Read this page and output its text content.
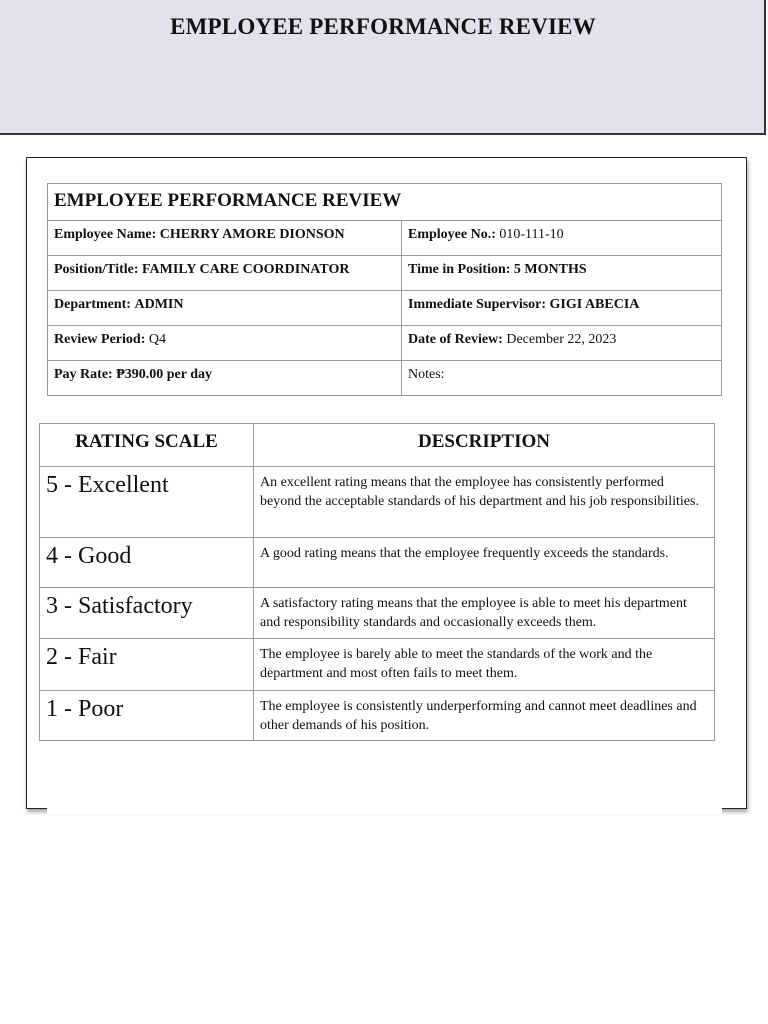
EMPLOYEE PERFORMANCE REVIEW
EMPLOYEE PERFORMANCE REVIEW	
Employee Name: CHERRY AMORE DIONSON	Employee No.: 010-111-10
Position/Title: FAMILY CARE COORDINATOR	Time in Position: 5 MONTHS
Department: ADMIN	Immediate Supervisor: GIGI ABECIA
Review Period: Q4	Date of Review: December 22, 2023
Pay Rate: ₱390.00 per day	Notes:
RATING SCALE	DESCRIPTION
5 - Excellent	An excellent rating means that the employee has consistently performed beyond the acceptable standards of his department and his job responsibilities.
4 - Good	A good rating means that the employee frequently exceeds the standards.
3 - Satisfactory	A satisfactory rating means that the employee is able to meet his department and responsibility standards and occasionally exceeds them.
2 - Fair	The employee is barely able to meet the standards of the work and the department and most often fails to meet them.
1 - Poor	The employee is consistently underperforming and cannot meet deadlines and other demands of his position.
